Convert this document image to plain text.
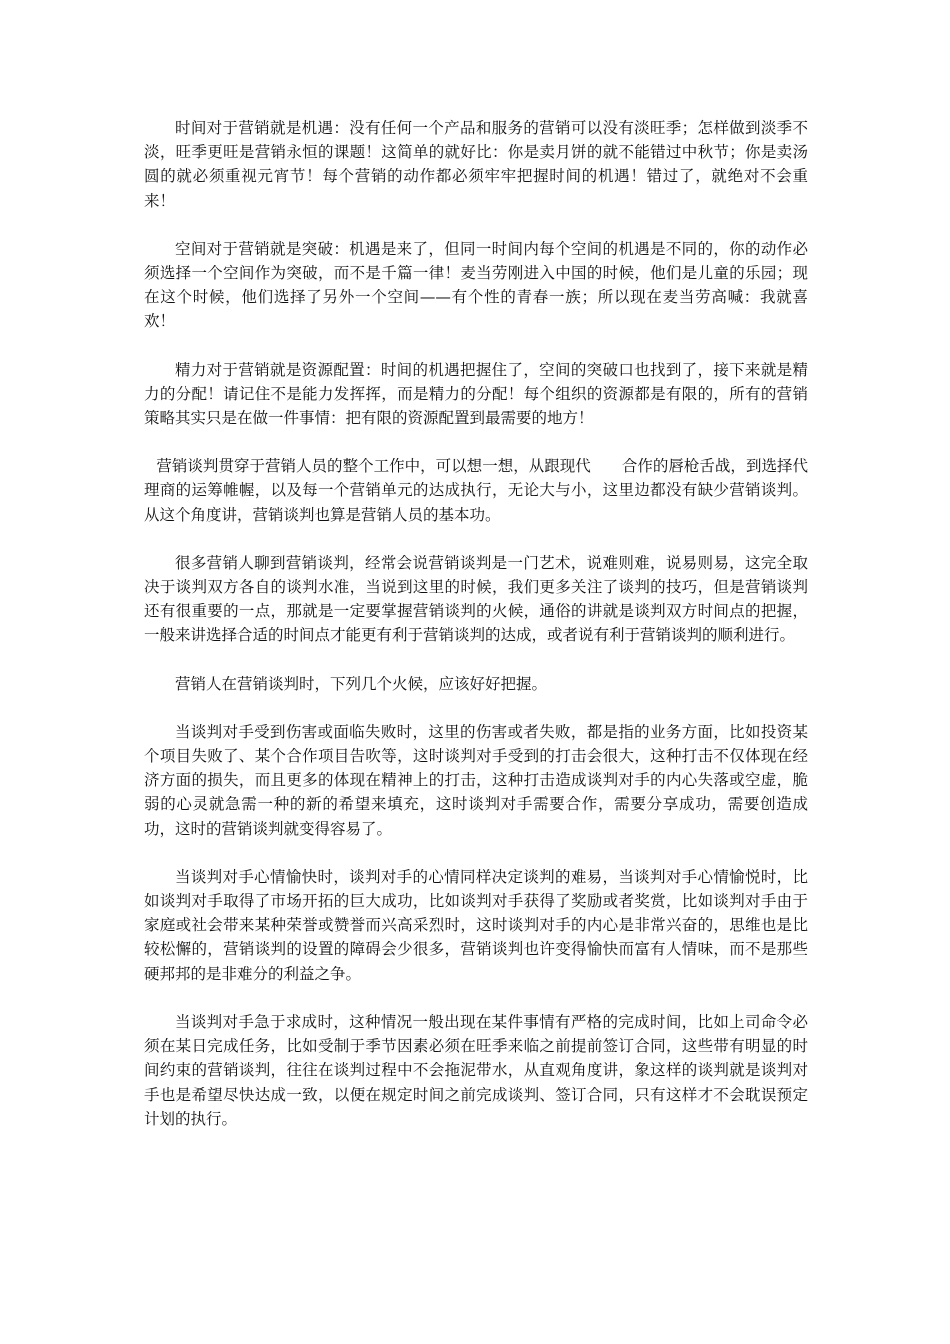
时间对于营销就是机遇：没有任何一个产品和服务的营销可以没有淡旺季；怎样做到淡季不淡，旺季更旺是营销永恒的课题！这简单的就好比：你是卖月饼的就不能错过中秋节；你是卖汤圆的就必须重视元宵节！每个营销的动作都必须牢牢把握时间的机遇！错过了，就绝对不会重来！

空间对于营销就是突破：机遇是来了，但同一时间内每个空间的机遇是不同的，你的动作必须选择一个空间作为突破，而不是千篇一律！麦当劳刚进入中国的时候，他们是儿童的乐园；现在这个时候，他们选择了另外一个空间——有个性的青春一族；所以现在麦当劳高喊：我就喜欢！

精力对于营销就是资源配置：时间的机遇把握住了，空间的突破口也找到了，接下来就是精力的分配！请记住不是能力发挥挥，而是精力的分配！每个组织的资源都是有限的，所有的营销策略其实只是在做一件事情：把有限的资源配置到最需要的地方！

营销谈判贯穿于营销人员的整个工作中，可以想一想，从跟现代　　合作的唇枪舌战，到选择代理商的运筹帷幄，以及每一个营销单元的达成执行，无论大与小，这里边都没有缺少营销谈判。从这个角度讲，营销谈判也算是营销人员的基本功。

很多营销人聊到营销谈判，经常会说营销谈判是一门艺术，说难则难，说易则易，这完全取决于谈判双方各自的谈判水准，当说到这里的时候，我们更多关注了谈判的技巧，但是营销谈判还有很重要的一点，那就是一定要掌握营销谈判的火候，通俗的讲就是谈判双方时间点的把握，一般来讲选择合适的时间点才能更有利于营销谈判的达成，或者说有利于营销谈判的顺利进行。

营销人在营销谈判时，下列几个火候，应该好好把握。

当谈判对手受到伤害或面临失败时，这里的伤害或者失败，都是指的业务方面，比如投资某个项目失败了、某个合作项目告吹等，这时谈判对手受到的打击会很大，这种打击不仅体现在经济方面的损失，而且更多的体现在精神上的打击，这种打击造成谈判对手的内心失落或空虚，脆弱的心灵就急需一种的新的希望来填充，这时谈判对手需要合作，需要分享成功，需要创造成功，这时的营销谈判就变得容易了。

当谈判对手心情愉快时，谈判对手的心情同样决定谈判的难易，当谈判对手心情愉悦时，比如谈判对手取得了市场开拓的巨大成功，比如谈判对手获得了奖励或者奖赏，比如谈判对手由于家庭或社会带来某种荣誉或赞誉而兴高采烈时，这时谈判对手的内心是非常兴奋的，思维也是比较松懈的，营销谈判的设置的障碍会少很多，营销谈判也许变得愉快而富有人情味，而不是那些硬邦邦的是非难分的利益之争。

当谈判对手急于求成时，这种情况一般出现在某件事情有严格的完成时间，比如上司命令必须在某日完成任务，比如受制于季节因素必须在旺季来临之前提前签订合同，这些带有明显的时间约束的营销谈判，往往在谈判过程中不会拖泥带水，从直观角度讲，象这样的谈判就是谈判对手也是希望尽快达成一致，以便在规定时间之前完成谈判、签订合同，只有这样才不会耽误预定计划的执行。
